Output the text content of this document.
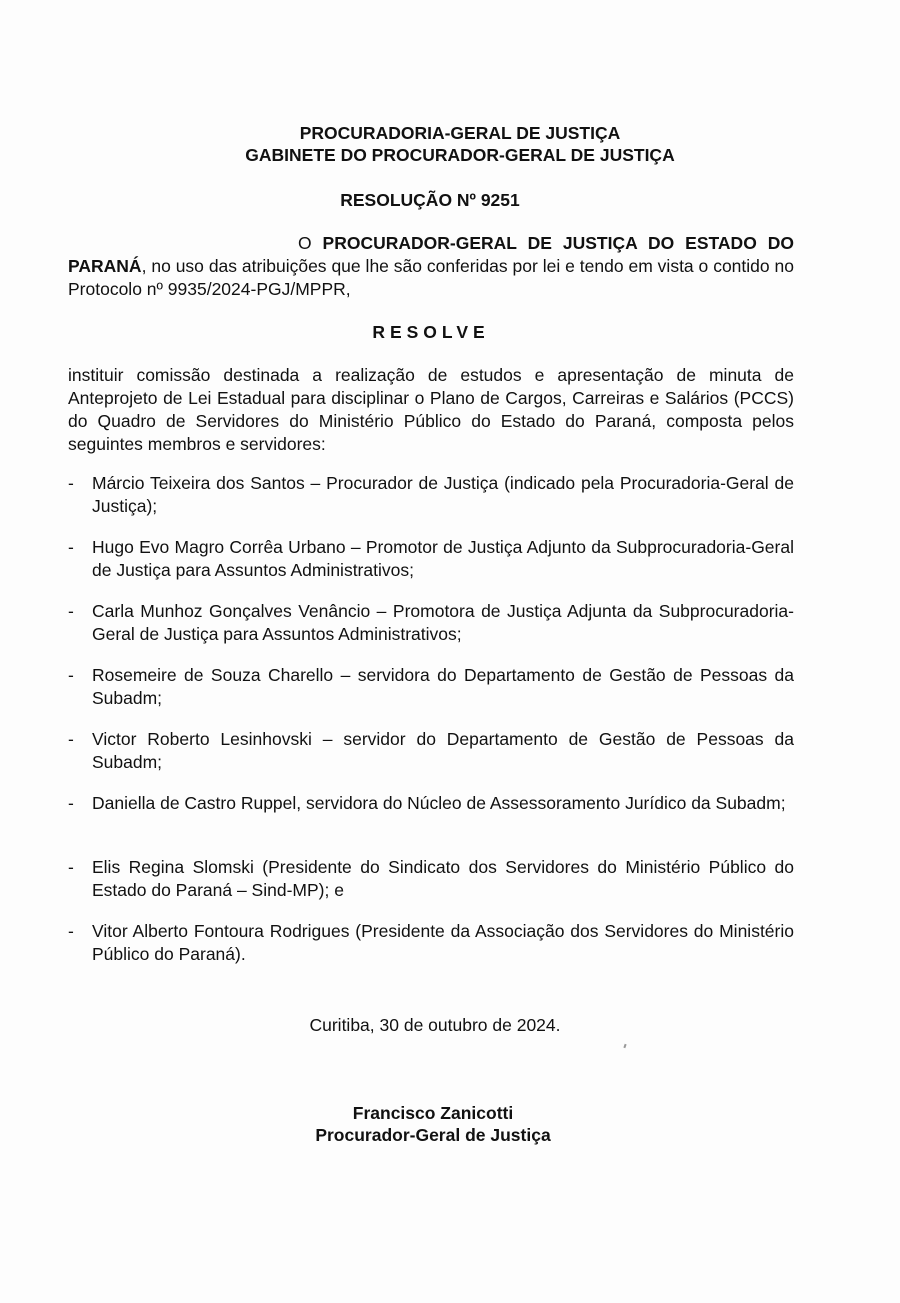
PROCURADORIA-GERAL DE JUSTIÇA
GABINETE DO PROCURADOR-GERAL DE JUSTIÇA
RESOLUÇÃO Nº 9251
O PROCURADOR-GERAL DE JUSTIÇA DO ESTADO DO PARANÁ, no uso das atribuições que lhe são conferidas por lei e tendo em vista o contido no Protocolo nº 9935/2024-PGJ/MPPR,
RESOLVE
instituir comissão destinada a realização de estudos e apresentação de minuta de Anteprojeto de Lei Estadual para disciplinar o Plano de Cargos, Carreiras e Salários (PCCS) do Quadro de Servidores do Ministério Público do Estado do Paraná, composta pelos seguintes membros e servidores:
- Márcio Teixeira dos Santos – Procurador de Justiça (indicado pela Procuradoria-Geral de Justiça);
- Hugo Evo Magro Corrêa Urbano – Promotor de Justiça Adjunto da Subprocuradoria-Geral de Justiça para Assuntos Administrativos;
- Carla Munhoz Gonçalves Venâncio – Promotora de Justiça Adjunta da Subprocuradoria-Geral de Justiça para Assuntos Administrativos;
- Rosemeire de Souza Charello – servidora do Departamento de Gestão de Pessoas da Subadm;
- Victor Roberto Lesinhovski – servidor do Departamento de Gestão de Pessoas da Subadm;
- Daniella de Castro Ruppel, servidora do Núcleo de Assessoramento Jurídico da Subadm;
- Elis Regina Slomski (Presidente do Sindicato dos Servidores do Ministério Público do Estado do Paraná – Sind-MP); e
- Vitor Alberto Fontoura Rodrigues (Presidente da Associação dos Servidores do Ministério Público do Paraná).
Curitiba, 30 de outubro de 2024.
Francisco Zanicotti
Procurador-Geral de Justiça
